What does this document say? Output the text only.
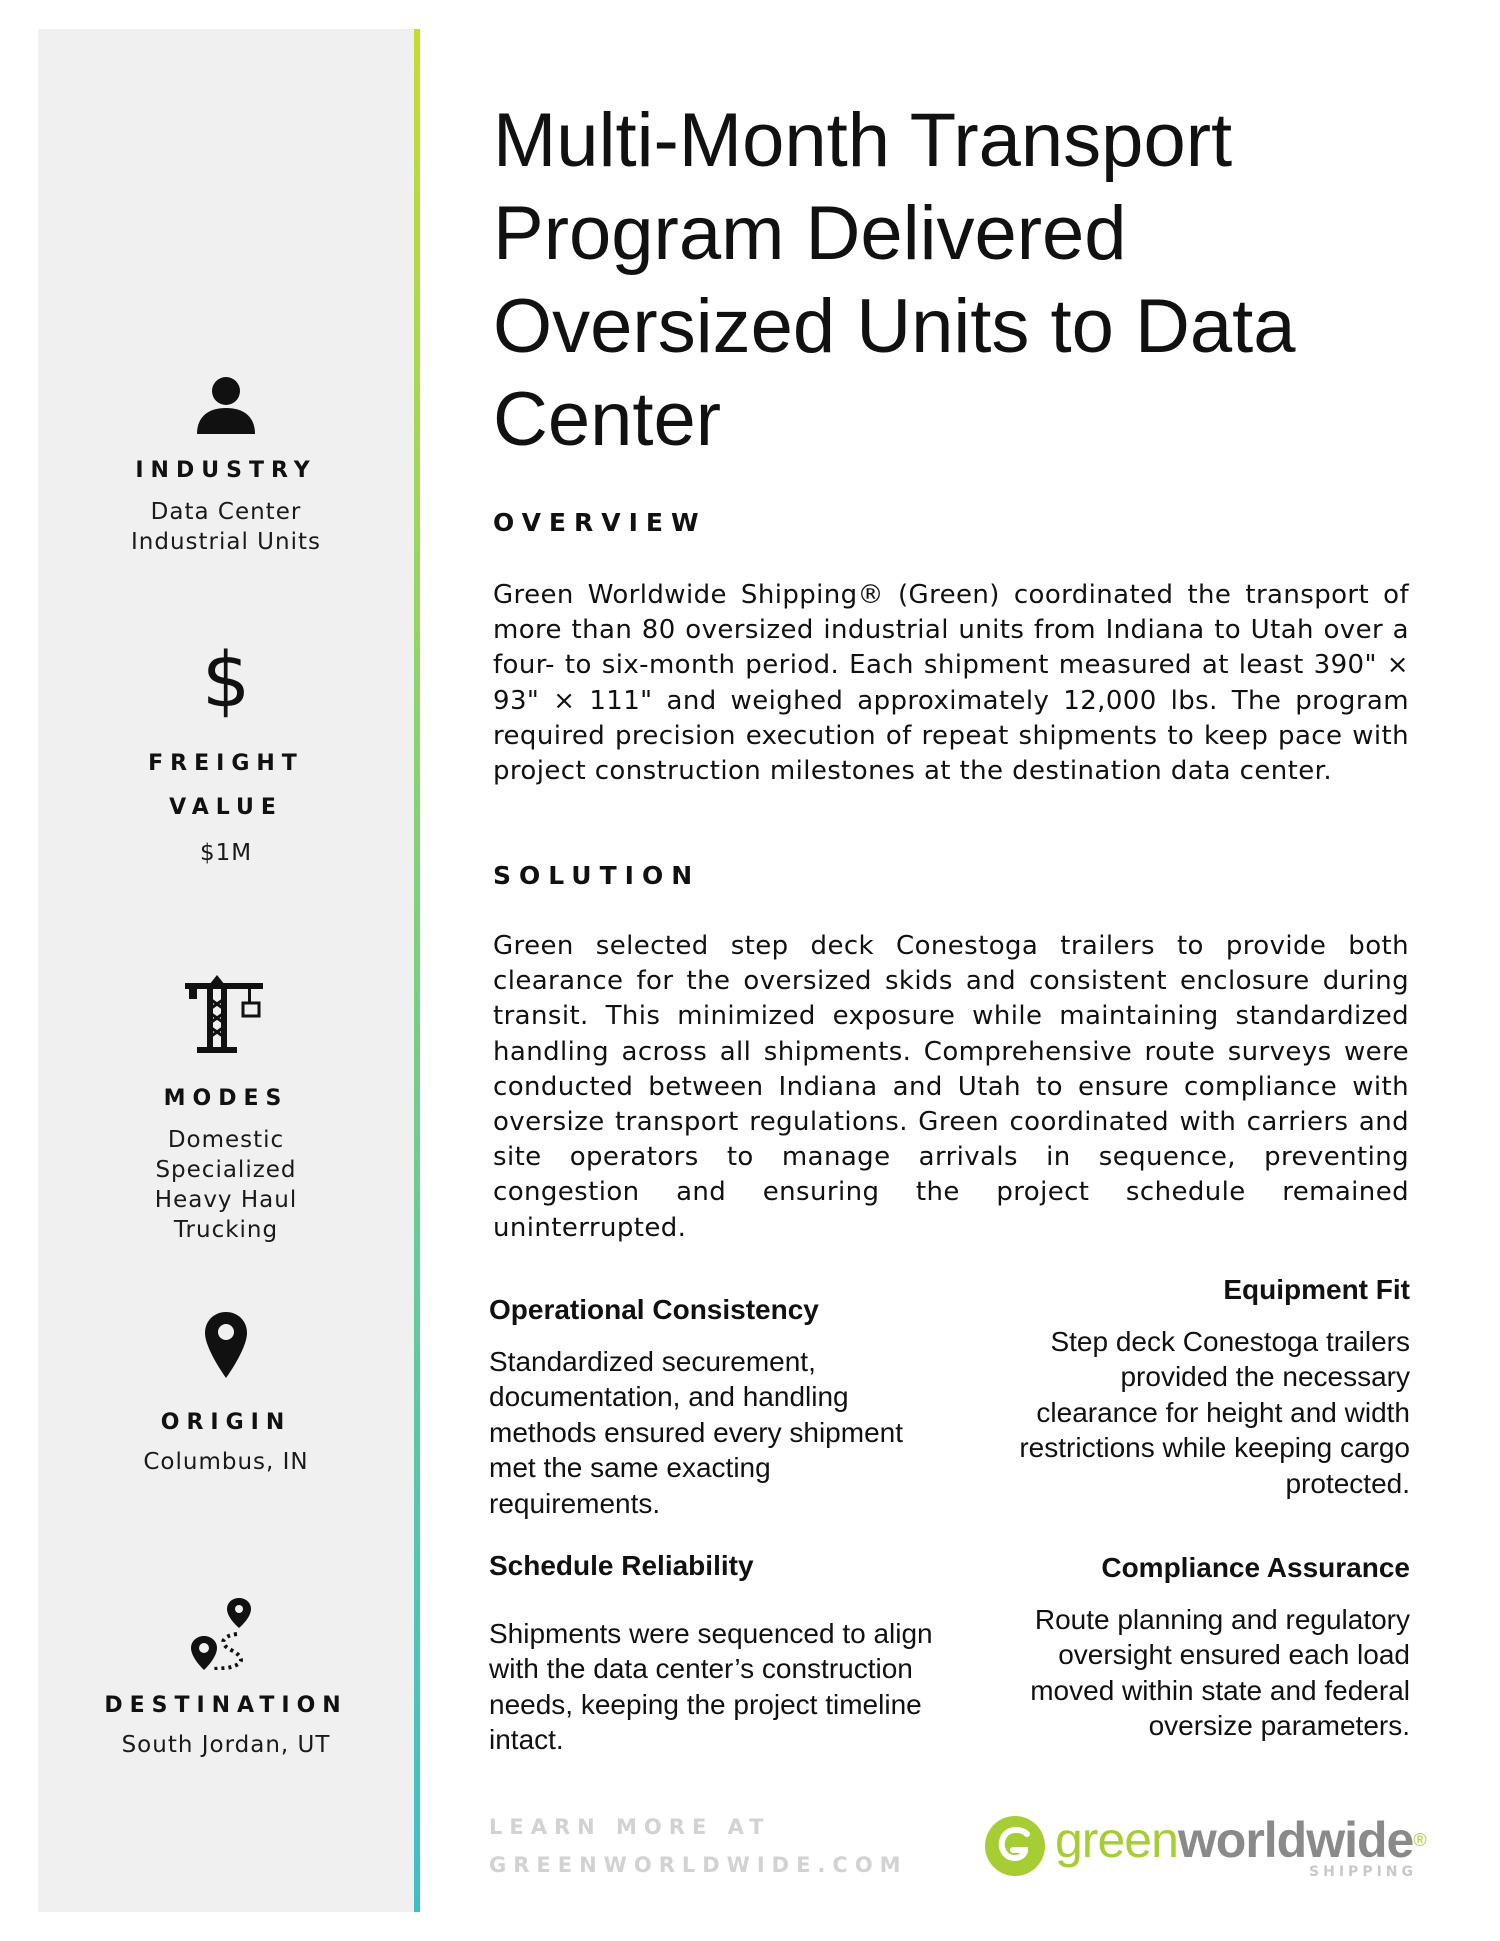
INDUSTRY
Data Center Industrial Units
$
FREIGHT
VALUE
$1M
MODES
Domestic Specialized Heavy Haul Trucking
ORIGIN
Columbus, IN
DESTINATION
South Jordan, UT
Multi-Month Transport Program Delivered Oversized Units to Data Center
OVERVIEW
Green Worldwide Shipping® (Green) coordinated the transport of more than 80 oversized industrial units from Indiana to Utah over a four- to six-month period. Each shipment measured at least 390" × 93" × 111" and weighed approximately 12,000 lbs. The program required precision execution of repeat shipments to keep pace with project construction milestones at the destination data center.
SOLUTION
Green selected step deck Conestoga trailers to provide both clearance for the oversized skids and consistent enclosure during transit. This minimized exposure while maintaining standardized handling across all shipments. Comprehensive route surveys were conducted between Indiana and Utah to ensure compliance with oversize transport regulations. Green coordinated with carriers and site operators to manage arrivals in sequence, preventing congestion and ensuring the project schedule remained uninterrupted.
Operational Consistency
Standardized securement, documentation, and handling methods ensured every shipment met the same exacting requirements.
Equipment Fit
Step deck Conestoga trailers provided the necessary clearance for height and width restrictions while keeping cargo protected.
Schedule Reliability
Shipments were sequenced to align with the data center’s construction needs, keeping the project timeline intact.
Compliance Assurance
Route planning and regulatory oversight ensured each load moved within state and federal oversize parameters.
LEARN MORE AT
GREENWORLDWIDE.COM	greenworldwide®
SHIPPING
